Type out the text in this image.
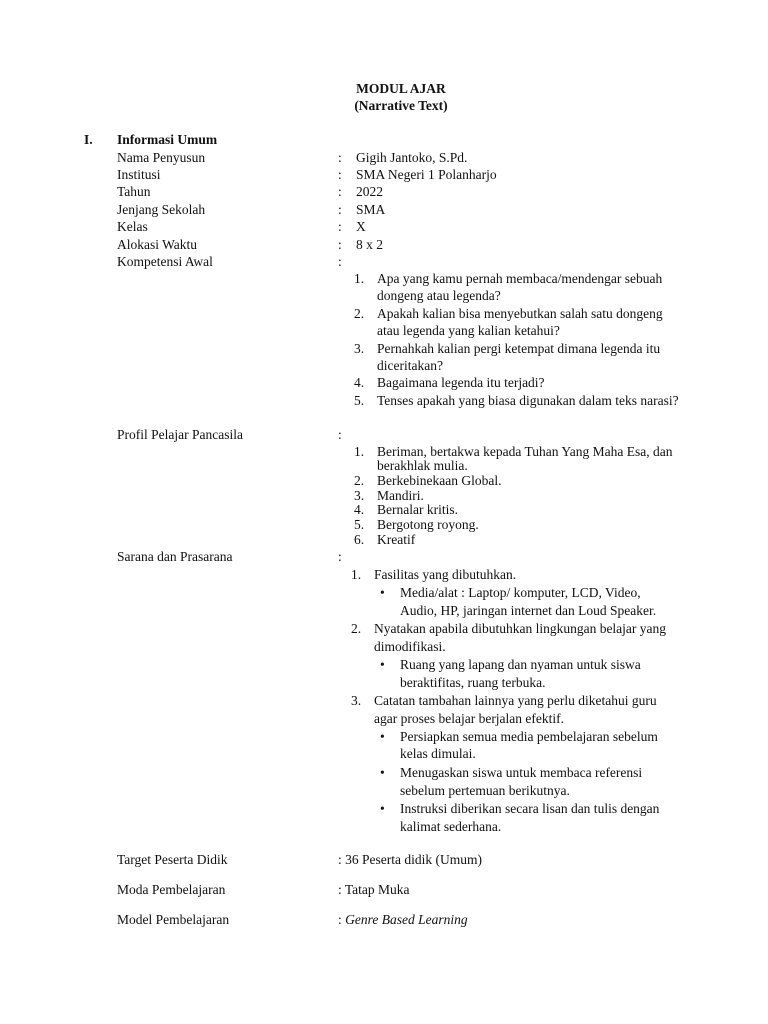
MODUL AJAR
(Narrative Text)
I. Informasi Umum
Nama Penyusun	: Gigih Jantoko, S.Pd.
Institusi	: SMA Negeri 1 Polanharjo
Tahun	: 2022
Jenjang Sekolah	: SMA
Kelas	: X
Alokasi Waktu	: 8 x 2
Kompetensi Awal	:
1. Apa yang kamu pernah membaca/mendengar sebuah
dongeng atau legenda?
2. Apakah kalian bisa menyebutkan salah satu dongeng
atau legenda yang kalian ketahui?
3. Pernahkah kalian pergi ketempat dimana legenda itu
diceritakan?
4. Bagaimana legenda itu terjadi?
5. Tenses apakah yang biasa digunakan dalam teks narasi?
Profil Pelajar Pancasila	:
1. Beriman, bertakwa kepada Tuhan Yang Maha Esa, dan
berakhlak mulia.
2. Berkebinekaan Global.
3. Mandiri.
4. Bernalar kritis.
5. Bergotong royong.
6. Kreatif
Sarana dan Prasarana	:
1. Fasilitas yang dibutuhkan.
• Media/alat : Laptop/ komputer, LCD, Video,
Audio, HP, jaringan internet dan Loud Speaker.
2. Nyatakan apabila dibutuhkan lingkungan belajar yang
dimodifikasi.
• Ruang yang lapang dan nyaman untuk siswa
beraktifitas, ruang terbuka.
3. Catatan tambahan lainnya yang perlu diketahui guru
agar proses belajar berjalan efektif.
• Persiapkan semua media pembelajaran sebelum
kelas dimulai.
• Menugaskan siswa untuk membaca referensi
sebelum pertemuan berikutnya.
• Instruksi diberikan secara lisan dan tulis dengan
kalimat sederhana.
Target Peserta Didik	: 36 Peserta didik (Umum)
Moda Pembelajaran	: Tatap Muka
Model Pembelajaran	: Genre Based Learning
